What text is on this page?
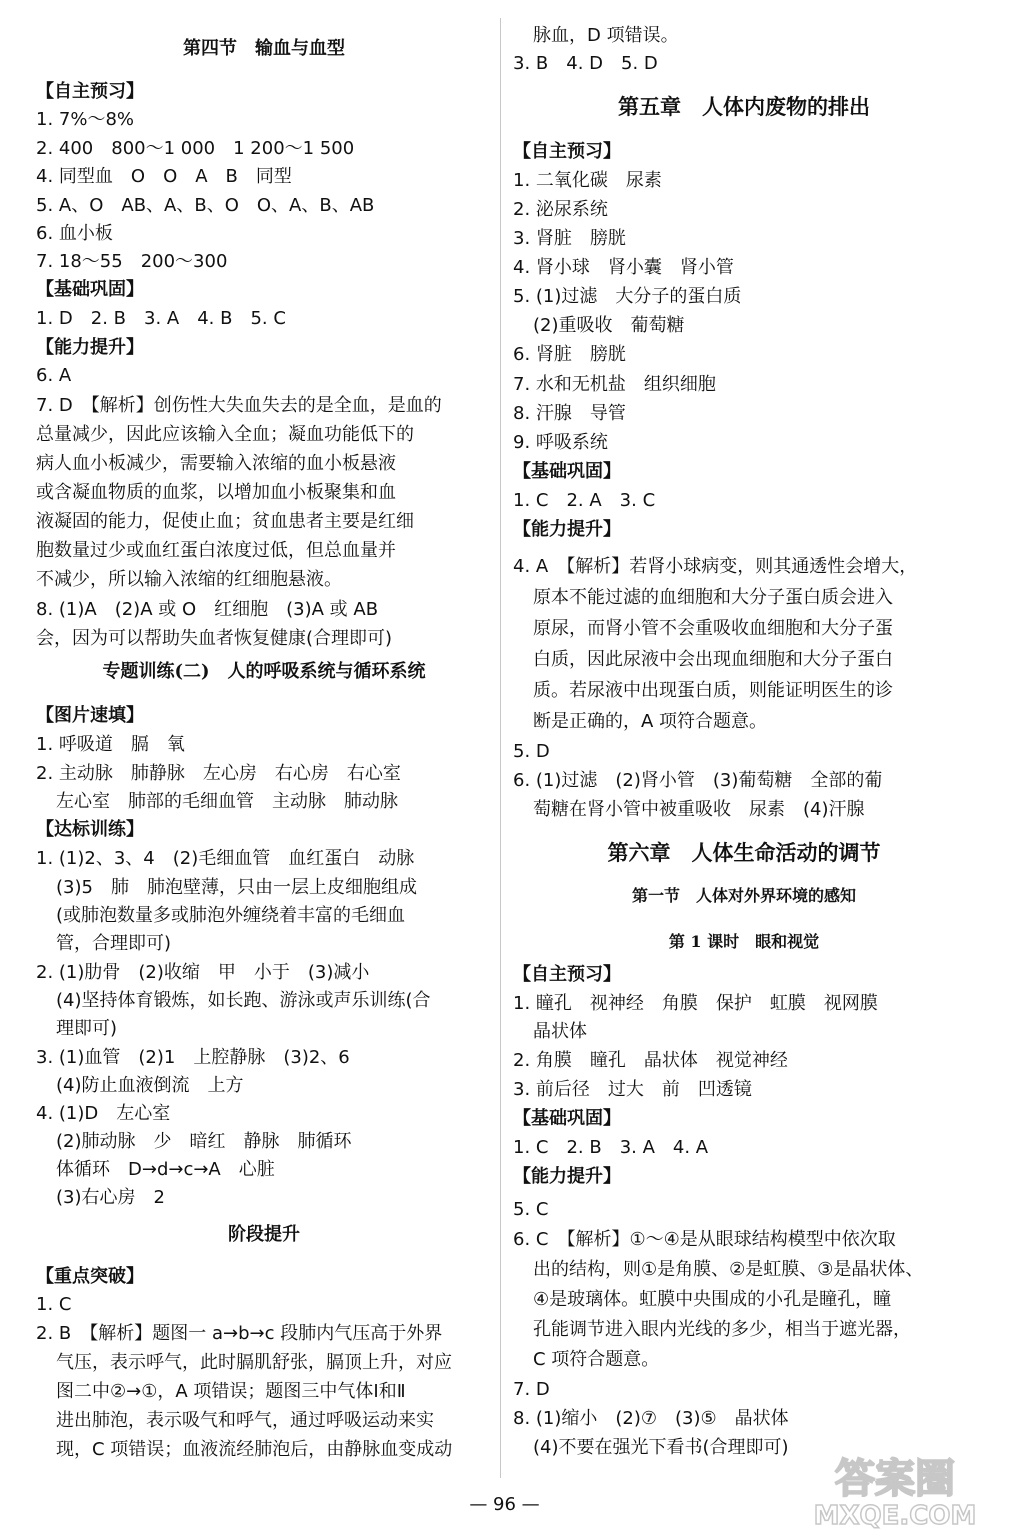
第四节　输血与血型
【自主预习】
1. 7%～8%
2. 400　800～1 000　1 200～1 500
4. 同型血　O　O　A　B　同型
5. A、O　AB、A、B、O　O、A、B、AB
6. 血小板
7. 18～55　200～300
【基础巩固】
1. D　2. B　3. A　4. B　5. C
【能力提升】
6. A
7. D　【解析】创伤性大失血失去的是全血，是血的
总量减少，因此应该输入全血；凝血功能低下的
病人血小板减少，需要输入浓缩的血小板悬液
或含凝血物质的血浆，以增加血小板聚集和血
液凝固的能力，促使止血；贫血患者主要是红细
胞数量过少或血红蛋白浓度过低，但总血量并
不减少，所以输入浓缩的红细胞悬液。
8. (1)A　(2)A 或 O　红细胞　(3)A 或 AB
会，因为可以帮助失血者恢复健康(合理即可)
专题训练(二)　人的呼吸系统与循环系统
【图片速填】
1. 呼吸道　膈　氧
2. 主动脉　肺静脉　左心房　右心房　右心室
左心室　肺部的毛细血管　主动脉　肺动脉
【达标训练】
1. (1)2、3、4　(2)毛细血管　血红蛋白　动脉
(3)5　肺　肺泡壁薄，只由一层上皮细胞组成
(或肺泡数量多或肺泡外缠绕着丰富的毛细血
管，合理即可)
2. (1)肋骨　(2)收缩　甲　小于　(3)减小
(4)坚持体育锻炼，如长跑、游泳或声乐训练(合
理即可)
3. (1)血管　(2)1　上腔静脉　(3)2、6
(4)防止血液倒流　上方
4. (1)D　左心室
(2)肺动脉　少　暗红　静脉　肺循环
体循环　D→d→c→A　心脏
(3)右心房　2
阶段提升
【重点突破】
1. C
2. B　【解析】题图一 a→b→c 段肺内气压高于外界
气压，表示呼气，此时膈肌舒张，膈顶上升，对应
图二中②→①，A 项错误；题图三中气体Ⅰ和Ⅱ
进出肺泡，表示吸气和呼气，通过呼吸运动来实
现，C 项错误；血液流经肺泡后，由静脉血变成动
脉血，D 项错误。
3. B　4. D　5. D
第五章　人体内废物的排出
【自主预习】
1. 二氧化碳　尿素
2. 泌尿系统
3. 肾脏　膀胱
4. 肾小球　肾小囊　肾小管
5. (1)过滤　大分子的蛋白质
(2)重吸收　葡萄糖
6. 肾脏　膀胱
7. 水和无机盐　组织细胞
8. 汗腺　导管
9. 呼吸系统
【基础巩固】
1. C　2. A　3. C
【能力提升】
4. A　【解析】若肾小球病变，则其通透性会增大，
原本不能过滤的血细胞和大分子蛋白质会进入
原尿，而肾小管不会重吸收血细胞和大分子蛋
白质，因此尿液中会出现血细胞和大分子蛋白
质。若尿液中出现蛋白质，则能证明医生的诊
断是正确的，A 项符合题意。
5. D
6. (1)过滤　(2)肾小管　(3)葡萄糖　全部的葡
萄糖在肾小管中被重吸收　尿素　(4)汗腺
第六章　人体生命活动的调节
第一节　人体对外界环境的感知
第 1 课时　眼和视觉
【自主预习】
1. 瞳孔　视神经　角膜　保护　虹膜　视网膜
晶状体
2. 角膜　瞳孔　晶状体　视觉神经
3. 前后径　过大　前　凹透镜
【基础巩固】
1. C　2. B　3. A　4. A
【能力提升】
5. C
6. C　【解析】①～④是从眼球结构模型中依次取
出的结构，则①是角膜、②是虹膜、③是晶状体、
④是玻璃体。虹膜中央围成的小孔是瞳孔，瞳
孔能调节进入眼内光线的多少，相当于遮光器，
C 项符合题意。
7. D
8. (1)缩小　(2)⑦　(3)⑤　晶状体
(4)不要在强光下看书(合理即可)
— 96 —
答案圈
MXQE.COM
